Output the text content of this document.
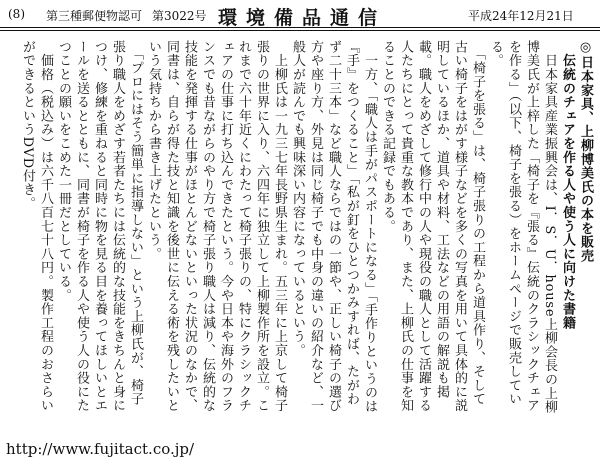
(8) 第三種郵便物認可 第3022号 環境備品通信	平成24年12月21日

◎日本家具、上柳博美氏の本を販売

　伝統のチェアを作る人や使う人に向けた書籍

　日本家具産業振興会は、I．S．U．house上柳会長の上柳博美氏が上梓した「椅子を『張る』伝統のクラシックチェアを作る」（以下、椅子を張る）をホームページで販売している。

　「椅子を張る」は、椅子張りの工程から道具作り、そして古い椅子をはがす様子などを多くの写真を用いて具体的に説明しているほか、道具や材料、工法などの用語の解説も掲載。職人をめざして修行中の人や現役の職人として活躍する人たちにとって貴重な教本であり、また、上柳氏の仕事を知ることのできる記録でもある。

　一方、「職人は手がパスポートになる」「手作りというのは『手』をつくること」「私が釘をひとつかみすれば、たがわず二十三本」など職人ならではの一節や、正しい椅子の選び方や座り方、外見は同じ椅子でも中身の違いの紹介など、一般人が読んでも興味深い内容になっているという。

　上柳氏は一九三七年長野県生まれ。五三年に上京して椅子張りの世界に入り、六四年に独立して上柳製作所を設立。これまで六十年近くにわたって椅子張りの、特にクラシックチェアの仕事に打ち込んできたという。今や日本や海外のフランスでも昔ながらのやり方で椅子張り職人は減り、伝統的な技能を発揮する仕事がほとんどないといった状況のなかで、同書は、自らが得た技と知識を後世に伝える術を残したいという気持ちから書き上げたという。

　「プロにはそう簡単に指導しない」という上柳氏が、椅子張り職人をめざす若者たちには伝統的な技能をきちんと身につけ、修練を重ねると同時に物を見る目を養ってほしいとエールを送るとともに、同書が椅子を作る人や使う人の役にたつことの願いをこめた一冊だとしている。

　価格（税込み）は六千八百七十八円。製作工程のおさらいができるというDVD付き。

http://www.fujitact.co.jp/
